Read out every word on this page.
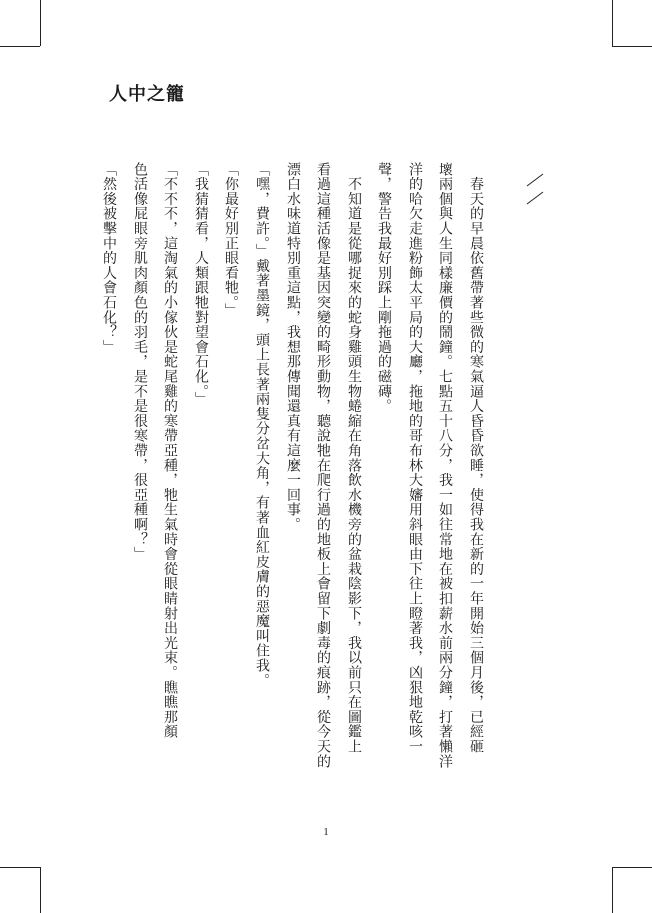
人中之籠
　春天的早晨依舊帶著些微的寒氣逼人昏昏欲睡，使得我在新的一年開始三個月後，已經砸
壞兩個與人生同樣廉價的鬧鐘。七點五十八分，我一如往常地在被扣薪水前兩分鐘，打著懶洋
洋的哈欠走進粉飾太平局的大廳，拖地的哥布林大嬸用斜眼由下往上瞪著我，凶狠地乾咳一
聲，警告我最好別踩上剛拖過的磁磚。
　不知道是從哪捉來的蛇身雞頭生物蜷縮在角落飲水機旁的盆栽陰影下，我以前只在圖鑑上
看過這種活像是基因突變的畸形動物，聽說牠在爬行過的地板上會留下劇毒的痕跡，從今天的
漂白水味道特別重這點，我想那傳聞還真有這麼一回事。
「嘿，費許。」戴著墨鏡，頭上長著兩隻分岔大角，有著血紅皮膚的惡魔叫住我。
「你最好別正眼看牠。」
「我猜猜看，人類跟牠對望會石化。」
「不不不，這淘氣的小傢伙是蛇尾雞的寒帶亞種，牠生氣時會從眼睛射出光束。瞧瞧那顏
色活像屁眼旁肌肉顏色的羽毛，是不是很寒帶，很亞種啊？」
「然後被擊中的人會石化？」
1
